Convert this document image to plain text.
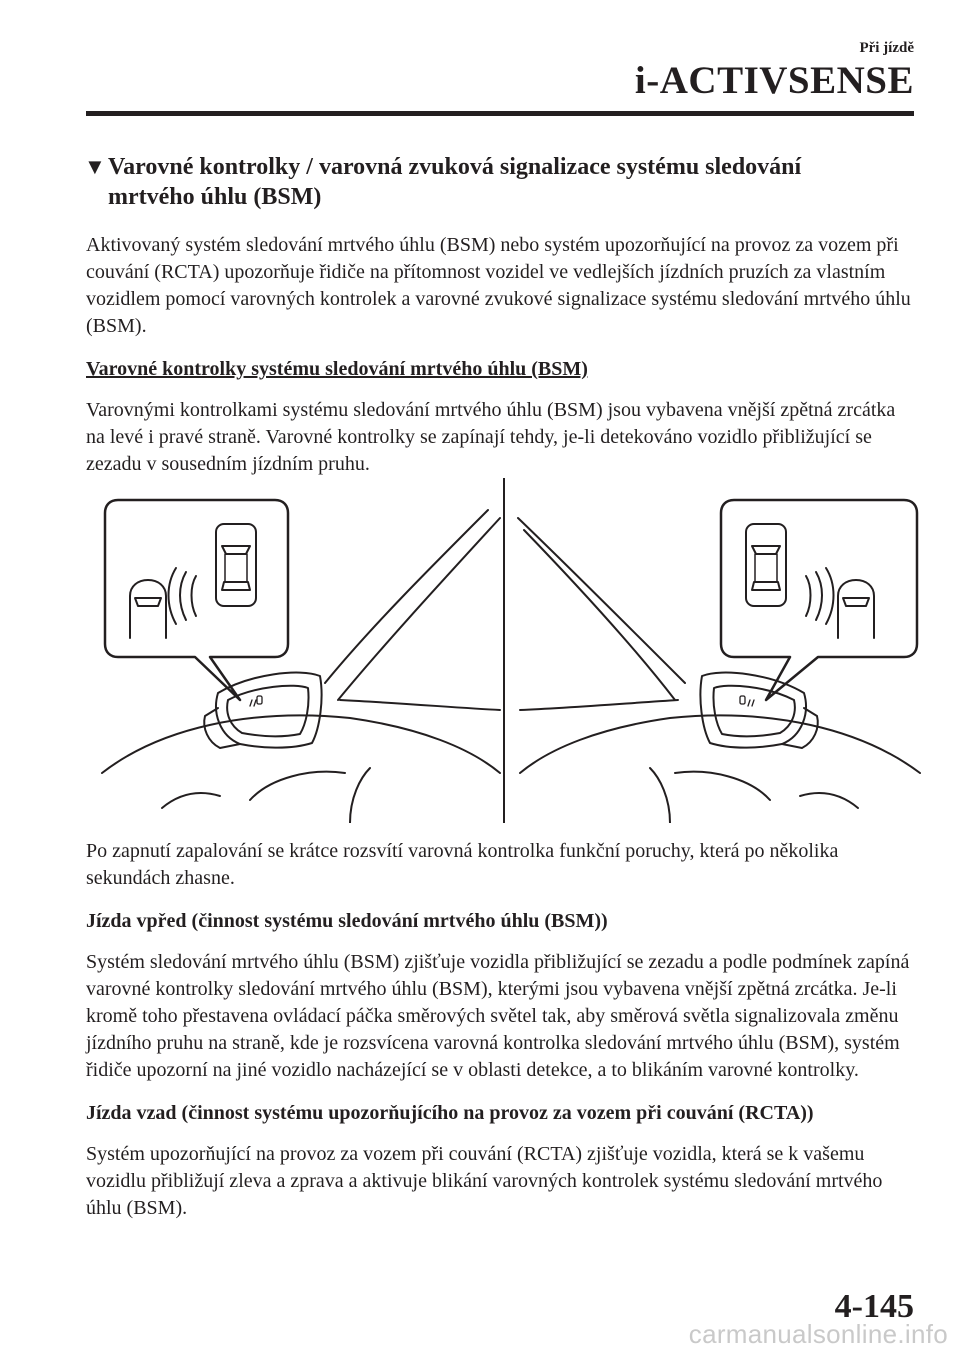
Při jízdě
i-ACTIVSENSE
▼ Varovné kontrolky / varovná zvuková signalizace systému sledování
mrtvého úhlu (BSM)

Aktivovaný systém sledování mrtvého úhlu (BSM) nebo systém upozorňující na provoz za vozem při couvání (RCTA) upozorňuje řidiče na přítomnost vozidel ve vedlejších jízdních pruzích za vlastním vozidlem pomocí varovných kontrolek a varovné zvukové signalizace systému sledování mrtvého úhlu (BSM).

Varovné kontrolky systému sledování mrtvého úhlu (BSM)

Varovnými kontrolkami systému sledování mrtvého úhlu (BSM) jsou vybavena vnější zpětná zrcátka na levé i pravé straně. Varovné kontrolky se zapínají tehdy, je-li detekováno vozidlo přibližující se zezadu v sousedním jízdním pruhu.

Po zapnutí zapalování se krátce rozsvítí varovná kontrolka funkční poruchy, která po několika sekundách zhasne.

Jízda vpřed (činnost systému sledování mrtvého úhlu (BSM))

Systém sledování mrtvého úhlu (BSM) zjišťuje vozidla přibližující se zezadu a podle podmínek zapíná varovné kontrolky sledování mrtvého úhlu (BSM), kterými jsou vybavena vnější zpětná zrcátka. Je-li kromě toho přestavena ovládací páčka směrových světel tak, aby směrová světla signalizovala změnu jízdního pruhu na straně, kde je rozsvícena varovná kontrolka sledování mrtvého úhlu (BSM), systém řidiče upozorní na jiné vozidlo nacházející se v oblasti detekce, a to blikáním varovné kontrolky.

Jízda vzad (činnost systému upozorňujícího na provoz za vozem při couvání (RCTA))

Systém upozorňující na provoz za vozem při couvání (RCTA) zjišťuje vozidla, která se k vašemu vozidlu přibližují zleva a zprava a aktivuje blikání varovných kontrolek systému sledování mrtvého úhlu (BSM).

4-145
carmanualsonline.info
